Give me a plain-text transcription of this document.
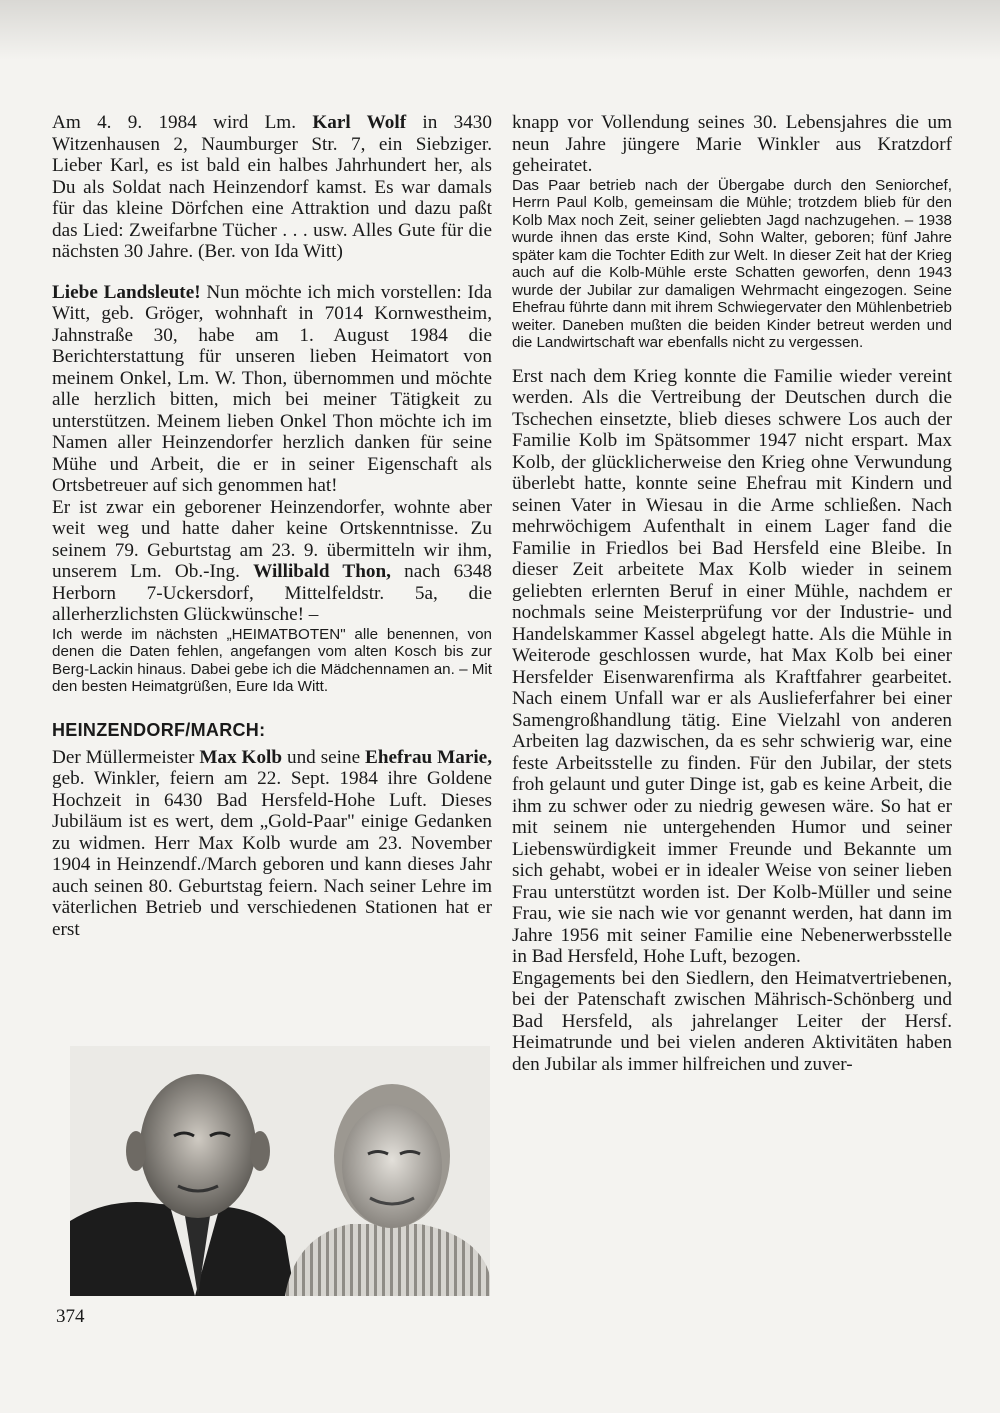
Am 4. 9. 1984 wird Lm. Karl Wolf in 3430 Witzenhausen 2, Naumburger Str. 7, ein Siebziger. Lieber Karl, es ist bald ein halbes Jahrhundert her, als Du als Soldat nach Heinzendorf kamst. Es war damals für das kleine Dörfchen eine Attraktion und dazu paßt das Lied: Zweifarbne Tücher . . . usw. Alles Gute für die nächsten 30 Jahre. (Ber. von Ida Witt)

Liebe Landsleute! Nun möchte ich mich vorstellen: Ida Witt, geb. Gröger, wohnhaft in 7014 Kornwestheim, Jahnstraße 30, habe am 1. August 1984 die Berichterstattung für unseren lieben Heimatort von meinem Onkel, Lm. W. Thon, übernommen und möchte alle herzlich bitten, mich bei meiner Tätigkeit zu unterstützen. Meinem lieben Onkel Thon möchte ich im Namen aller Heinzendorfer herzlich danken für seine Mühe und Arbeit, die er in seiner Eigenschaft als Ortsbetreuer auf sich genommen hat!

Er ist zwar ein geborener Heinzendorfer, wohnte aber weit weg und hatte daher keine Ortskenntnisse. Zu seinem 79. Geburtstag am 23. 9. übermitteln wir ihm, unserem Lm. Ob.-Ing. Willibald Thon, nach 6348 Herborn 7-Uckersdorf, Mittelfeldstr. 5a, die allerherzlichsten Glückwünsche! –

Ich werde im nächsten „HEIMATBOTEN" alle benennen, von denen die Daten fehlen, angefangen vom alten Kosch bis zur Berg-Lackin hinaus. Dabei gebe ich die Mädchennamen an. – Mit den besten Heimatgrüßen, Eure Ida Witt.

HEINZENDORF/MARCH:

Der Müllermeister Max Kolb und seine Ehefrau Marie, geb. Winkler, feiern am 22. Sept. 1984 ihre Goldene Hochzeit in 6430 Bad Hersfeld-Hohe Luft. Dieses Jubiläum ist es wert, dem „Gold-Paar" einige Gedanken zu widmen. Herr Max Kolb wurde am 23. November 1904 in Heinzendf./March geboren und kann dieses Jahr auch seinen 80. Geburtstag feiern. Nach seiner Lehre im väterlichen Betrieb und verschiedenen Stationen hat er erst

knapp vor Vollendung seines 30. Lebensjahres die um neun Jahre jüngere Marie Winkler aus Kratzdorf geheiratet.

Das Paar betrieb nach der Übergabe durch den Seniorchef, Herrn Paul Kolb, gemeinsam die Mühle; trotzdem blieb für den Kolb Max noch Zeit, seiner geliebten Jagd nachzugehen. – 1938 wurde ihnen das erste Kind, Sohn Walter, geboren; fünf Jahre später kam die Tochter Edith zur Welt. In dieser Zeit hat der Krieg auch auf die Kolb-Mühle erste Schatten geworfen, denn 1943 wurde der Jubilar zur damaligen Wehrmacht eingezogen. Seine Ehefrau führte dann mit ihrem Schwiegervater den Mühlenbetrieb weiter. Daneben mußten die beiden Kinder betreut werden und die Landwirtschaft war ebenfalls nicht zu vergessen.

Erst nach dem Krieg konnte die Familie wieder vereint werden. Als die Vertreibung der Deutschen durch die Tschechen einsetzte, blieb dieses schwere Los auch der Familie Kolb im Spätsommer 1947 nicht erspart. Max Kolb, der glücklicherweise den Krieg ohne Verwundung überlebt hatte, konnte seine Ehefrau mit Kindern und seinen Vater in Wiesau in die Arme schließen. Nach mehrwöchigem Aufenthalt in einem Lager fand die Familie in Friedlos bei Bad Hersfeld eine Bleibe. In dieser Zeit arbeitete Max Kolb wieder in seinem geliebten erlernten Beruf in einer Mühle, nachdem er nochmals seine Meisterprüfung vor der Industrie- und Handelskammer Kassel abgelegt hatte. Als die Mühle in Weiterode geschlossen wurde, hat Max Kolb bei einer Hersfelder Eisenwarenfirma als Kraftfahrer gearbeitet. Nach einem Unfall war er als Auslieferfahrer bei einer Samengroßhandlung tätig. Eine Vielzahl von anderen Arbeiten lag dazwischen, da es sehr schwierig war, eine feste Arbeitsstelle zu finden. Für den Jubilar, der stets froh gelaunt und guter Dinge ist, gab es keine Arbeit, die ihm zu schwer oder zu niedrig gewesen wäre. So hat er mit seinem nie untergehenden Humor und seiner Liebenswürdigkeit immer Freunde und Bekannte um sich gehabt, wobei er in idealer Weise von seiner lieben Frau unterstützt worden ist. Der Kolb-Müller und seine Frau, wie sie nach wie vor genannt werden, hat dann im Jahre 1956 mit seiner Familie eine Nebenerwerbsstelle in Bad Hersfeld, Hohe Luft, bezogen.

Engagements bei den Siedlern, den Heimatvertriebenen, bei der Patenschaft zwischen Mährisch-Schönberg und Bad Hersfeld, als jahrelanger Leiter der Hersf. Heimatrunde und bei vielen anderen Aktivitäten haben den Jubilar als immer hilfreichen und zuver-

374
